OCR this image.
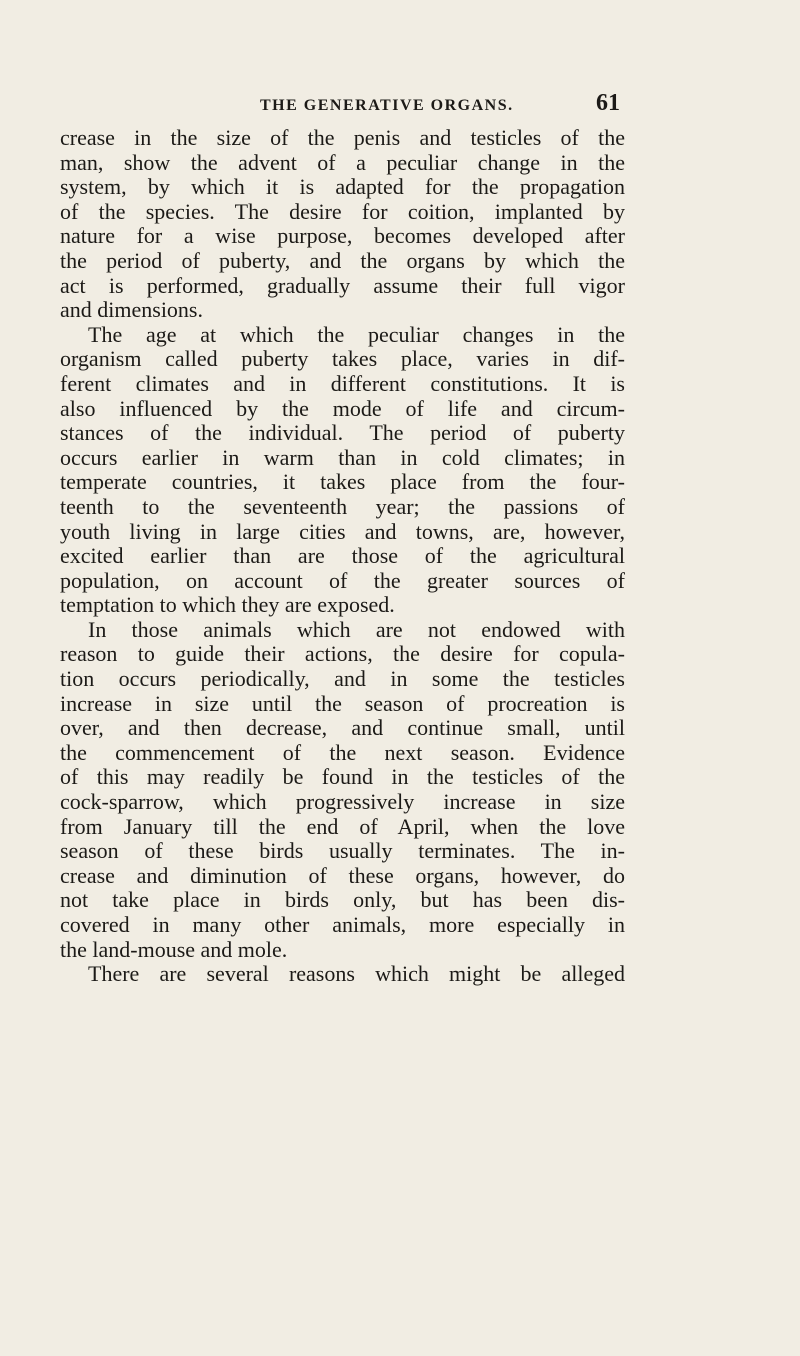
THE GENERATIVE ORGANS.	61
crease in the size of the penis and testicles of the
man, show the advent of a peculiar change in the
system, by which it is adapted for the propagation
of the species. The desire for coition, implanted by
nature for a wise purpose, becomes developed after
the period of puberty, and the organs by which the
act is performed, gradually assume their full vigor
and dimensions.
The age at which the peculiar changes in the
organism called puberty takes place, varies in dif-
ferent climates and in different constitutions. It is
also influenced by the mode of life and circum-
stances of the individual. The period of puberty
occurs earlier in warm than in cold climates; in
temperate countries, it takes place from the four-
teenth to the seventeenth year; the passions of
youth living in large cities and towns, are, however,
excited earlier than are those of the agricultural
population, on account of the greater sources of
temptation to which they are exposed.
In those animals which are not endowed with
reason to guide their actions, the desire for copula-
tion occurs periodically, and in some the testicles
increase in size until the season of procreation is
over, and then decrease, and continue small, until
the commencement of the next season. Evidence
of this may readily be found in the testicles of the
cock-sparrow, which progressively increase in size
from January till the end of April, when the love
season of these birds usually terminates. The in-
crease and diminution of these organs, however, do
not take place in birds only, but has been dis-
covered in many other animals, more especially in
the land-mouse and mole.
There are several reasons which might be alleged
